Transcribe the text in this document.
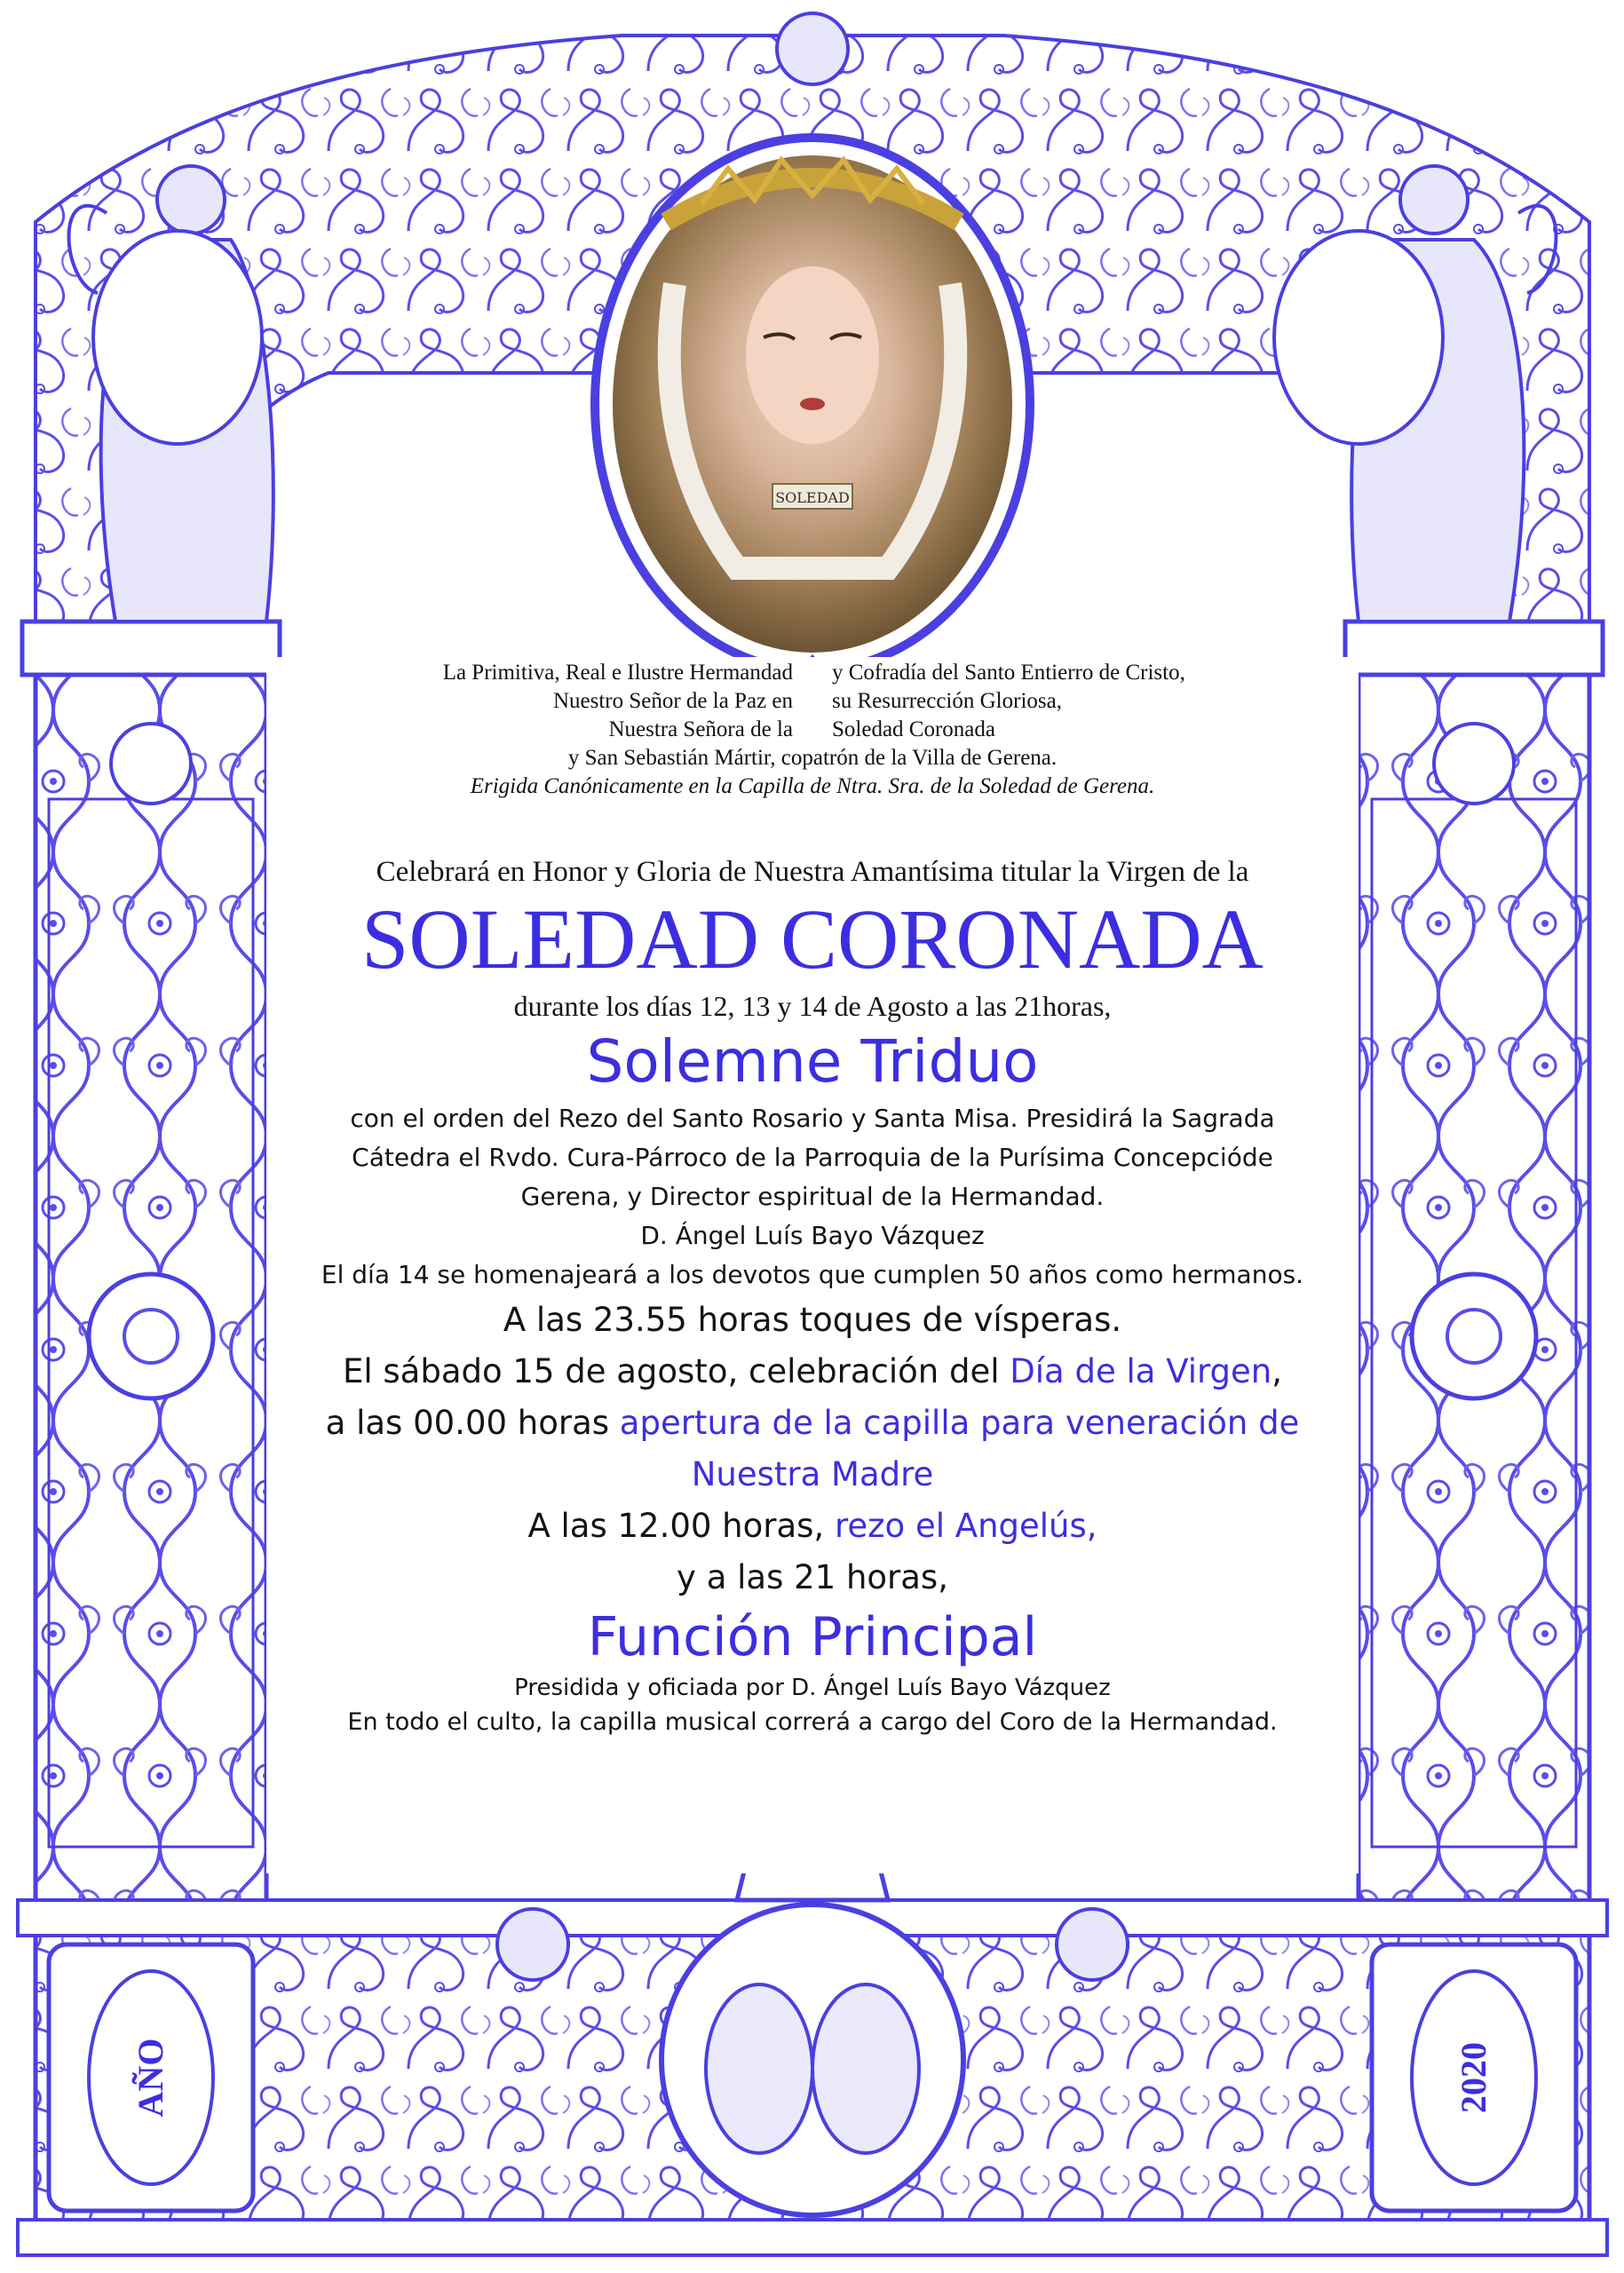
SOLEDAD
AÑO	2020
La Primitiva, Real e Ilustre Hermandad	y Cofradía del Santo Entierro de Cristo,
Nuestro Señor de la Paz en	su Resurrección Gloriosa,
Nuestra Señora de la	Soledad Coronada
y San Sebastián Mártir, copatrón de la Villa de Gerena.
Erigida Canónicamente en la Capilla de Ntra. Sra. de la Soledad de Gerena.
Celebrará en Honor y Gloria de Nuestra Amantísima titular la Virgen de la
SOLEDAD CORONADA
durante los días 12, 13 y 14 de Agosto a las 21horas,
Solemne Triduo
con el orden del Rezo del Santo Rosario y Santa Misa. Presidirá la Sagrada
Cátedra el Rvdo. Cura-Párroco de la Parroquia de la Purísima Concepcióde
Gerena, y Director espiritual de la Hermandad.
D. Ángel Luís Bayo Vázquez
El día 14 se homenajeará a los devotos que cumplen 50 años como hermanos.
A las 23.55 horas toques de vísperas.
El sábado 15 de agosto, celebración del Día de la Virgen,
a las 00.00 horas apertura de la capilla para veneración de
Nuestra Madre
A las 12.00 horas, rezo el Angelús,
y a las 21 horas,
Función Principal
Presidida y oficiada por D. Ángel Luís Bayo Vázquez
En todo el culto, la capilla musical correrá a cargo del Coro de la Hermandad.
